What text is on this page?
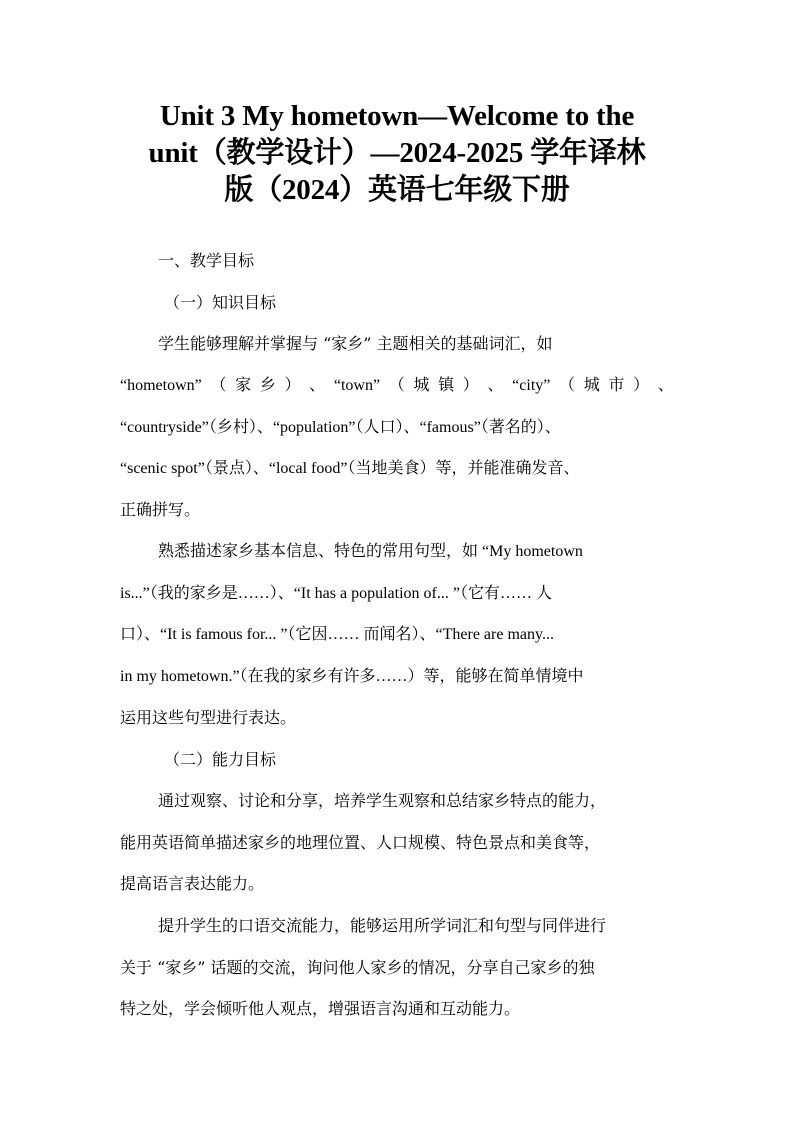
Unit 3 My hometown—Welcome to the
unit（教学设计）—2024-2025 学年译林
版（2024）英语七年级下册
一、教学目标
（一）知识目标
学生能够理解并掌握与 “家乡” 主题相关的基础词汇，如
“hometown” （ 家 乡 ） 、 “town” （ 城 镇 ） 、 “city” （ 城 市 ） 、
“countryside”（乡村）、“population”（人口）、“famous”（著名的）、
“scenic spot”（景点）、“local food”（当地美食）等，并能准确发音、
正确拼写。
熟悉描述家乡基本信息、特色的常用句型，如 “My hometown
is...”（我的家乡是……）、“It has a population of... ”（它有…… 人
口）、“It is famous for... ”（它因…… 而闻名）、“There are many...
in my hometown.”（在我的家乡有许多……）等，能够在简单情境中
运用这些句型进行表达。
（二）能力目标
通过观察、讨论和分享，培养学生观察和总结家乡特点的能力，
能用英语简单描述家乡的地理位置、人口规模、特色景点和美食等，
提高语言表达能力。
提升学生的口语交流能力，能够运用所学词汇和句型与同伴进行
关于 “家乡” 话题的交流，询问他人家乡的情况，分享自己家乡的独
特之处，学会倾听他人观点，增强语言沟通和互动能力。
